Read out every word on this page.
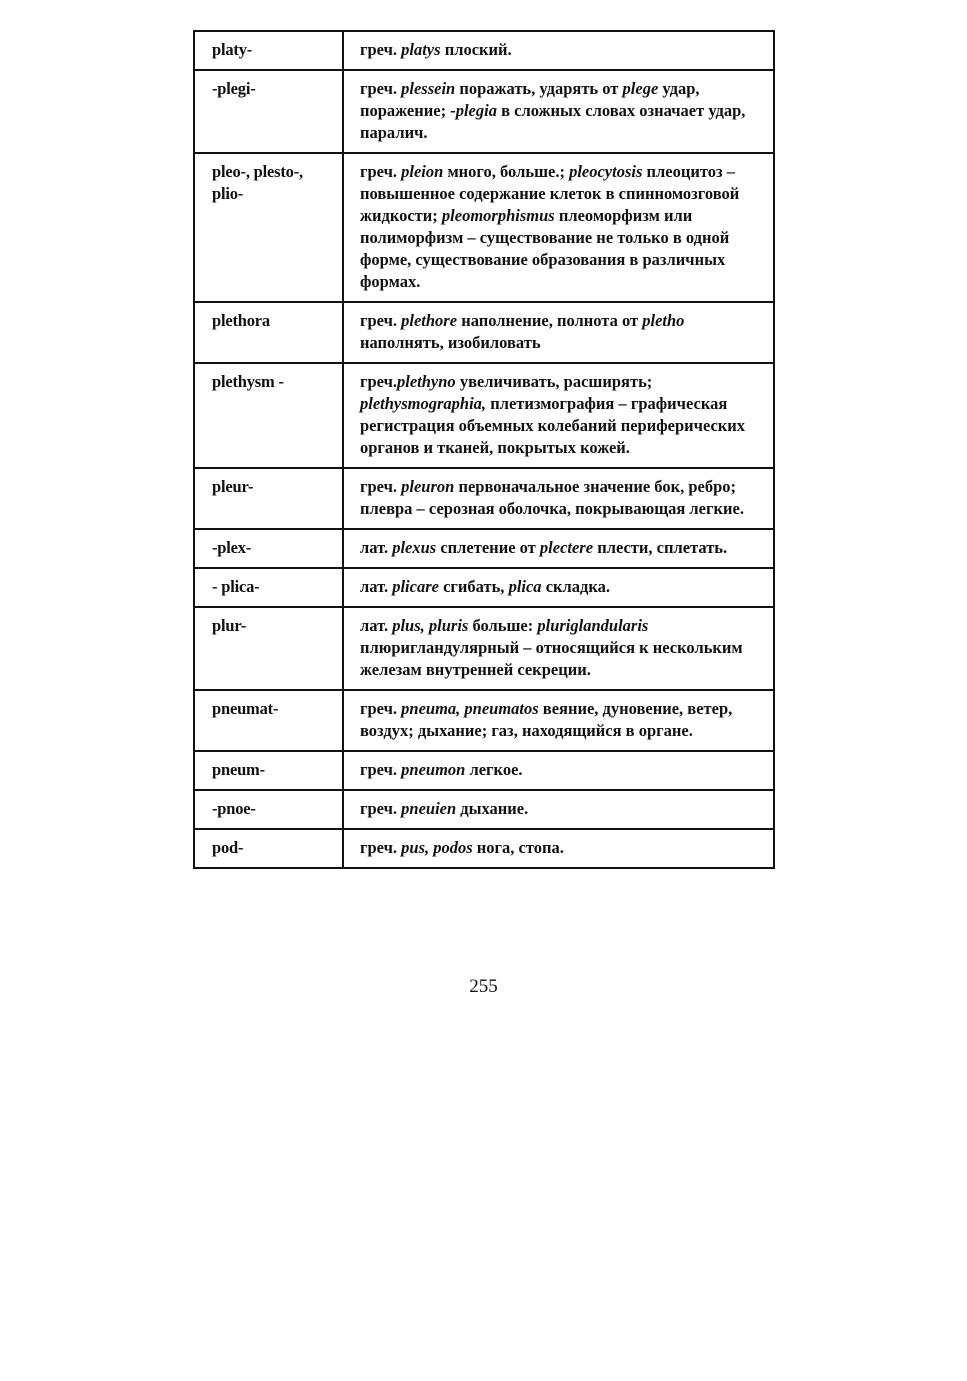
platy-	греч. platys плоский.
-plegi-	греч. plessein поражать, ударять от plege удар, поражение; -plegia в сложных словах означает удар, паралич.
pleo-, plesto-, plio-	греч. pleion много, больше.; pleocytosis плеоцитоз – повышенное содержание клеток в спинномозговой жидкости; pleomorphismus плеоморфизм или полиморфизм – существование не только в одной форме, существование образования в различных формах.
plethora	греч. plethore наполнение, полнота от pletho наполнять, изобиловать
plethysm -	греч.plethyno увеличивать, расширять; plethysmographia, плетизмография – графическая регистрация объемных колебаний периферических органов и тканей, покрытых кожей.
pleur-	греч. pleuron первоначальное значение бок, ребро; плевра – серозная оболочка, покрывающая легкие.
-plex-	лат. plexus сплетение от plectere плести, сплетать.
- plica-	лат. plicare сгибать, plica складка.
plur-	лат. plus, pluris больше: pluriglandularis плюригландулярный – относящийся к нескольким железам внутренней секреции.
pneumat-	греч. pneuma, pneumatos веяние, дуновение, ветер, воздух; дыхание; газ, находящийся в органе.
pneum-	греч. pneumon легкое.
-pnoe-	греч. pneuien дыхание.
pod-	греч. pus, podos нога, стопа.
255
